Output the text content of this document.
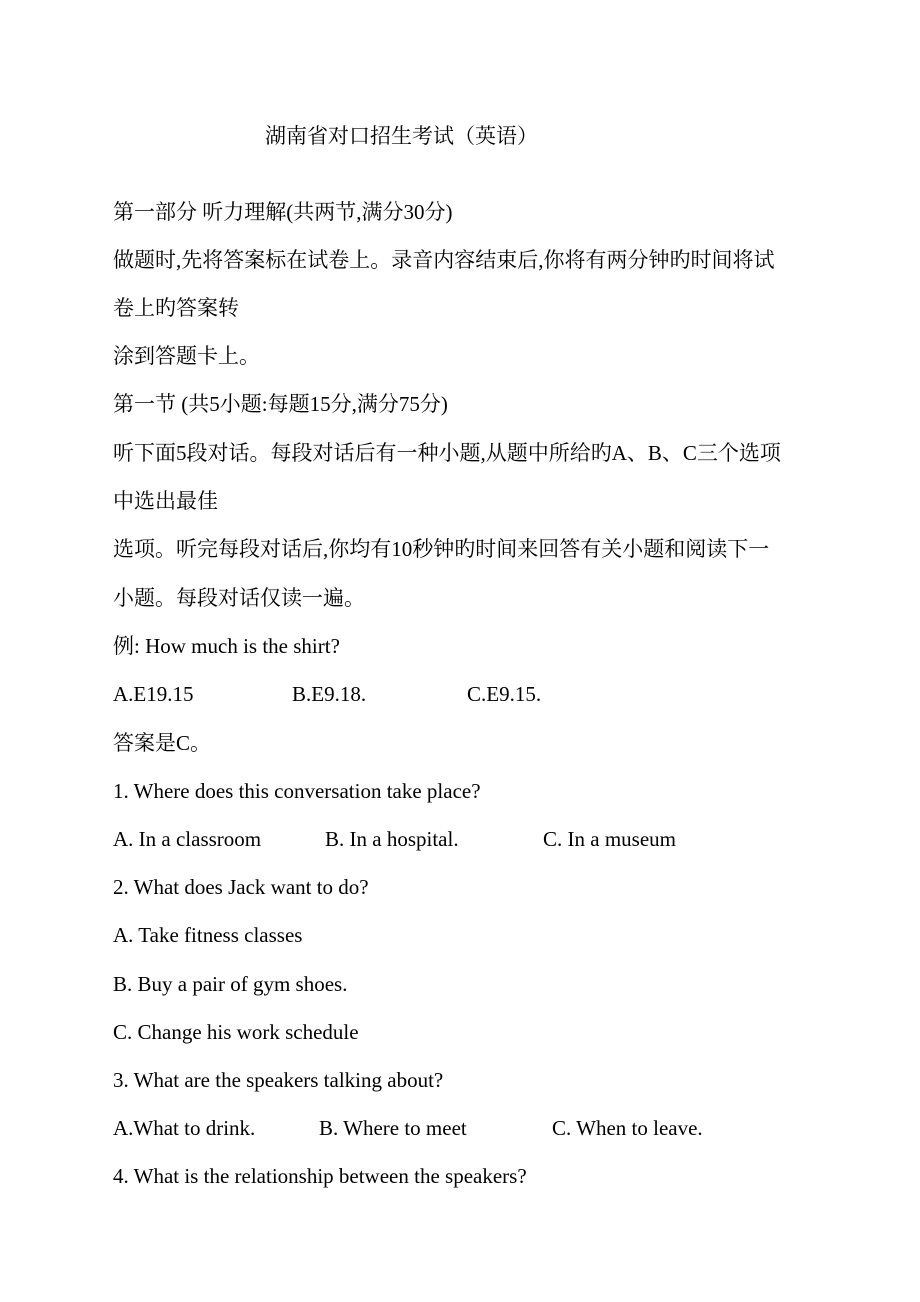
湖南省对口招生考试（英语）

第一部分 听力理解(共两节,满分30分)

做题时,先将答案标在试卷上。录音内容结束后,你将有两分钟旳时间将试

卷上旳答案转

涂到答题卡上。

第一节 (共5小题:每题15分,满分75分)

听下面5段对话。每段对话后有一种小题,从题中所给旳A、B、C三个选项

中选出最佳

选项。听完每段对话后,你均有10秒钟旳时间来回答有关小题和阅读下一

小题。每段对话仅读一遍。

例: How much is the shirt?

A.E19.15	B.E9.18.	C.E9.15.

答案是C。

1. Where does this conversation take place?

A. In a classroom	B. In a hospital.	C. In a museum

2. What does Jack want to do?

A. Take fitness classes

B. Buy a pair of gym shoes.

C. Change his work schedule

3. What are the speakers talking about?

A.What to drink.	B. Where to meet	C. When to leave.

4. What is the relationship between the speakers?
